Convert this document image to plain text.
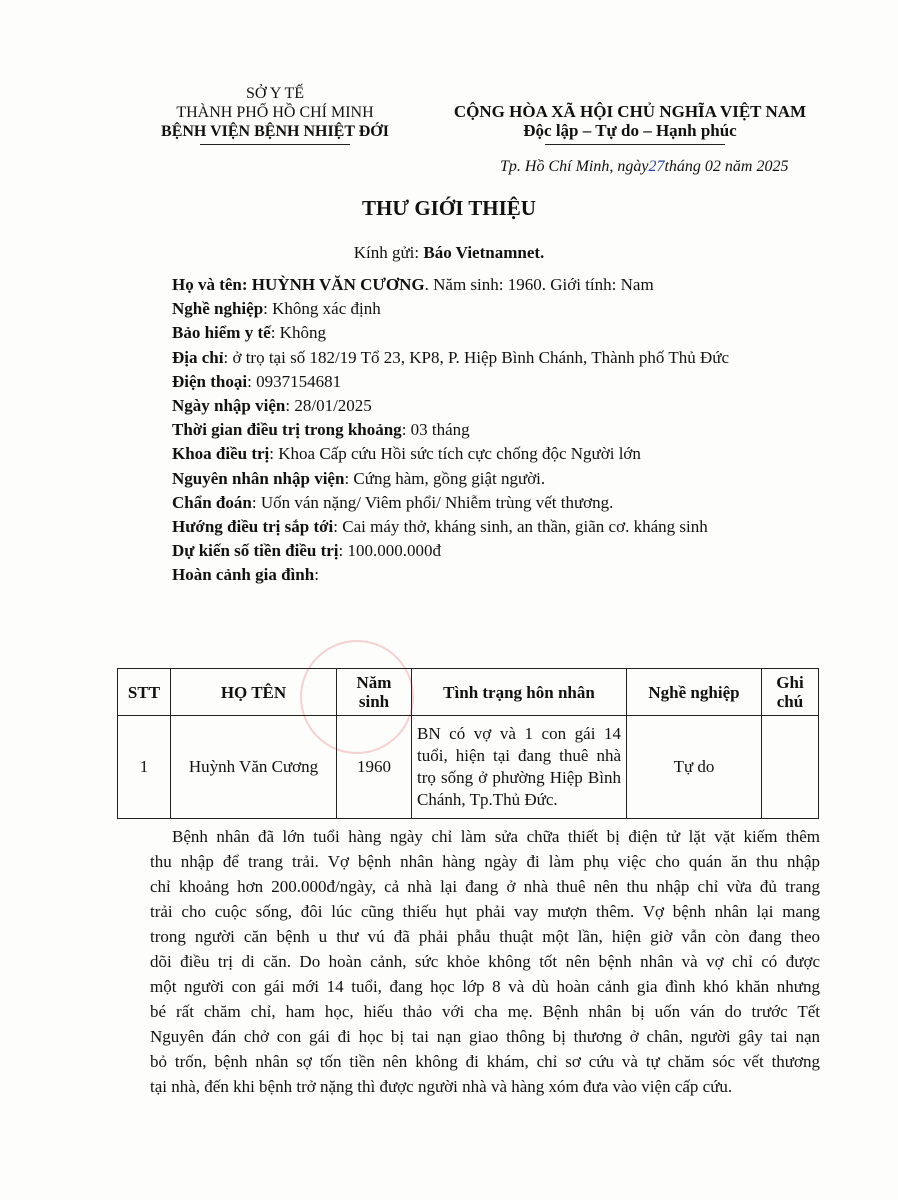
SỞ Y TẾ
THÀNH PHỐ HỒ CHÍ MINH
BỆNH VIỆN BỆNH NHIỆT ĐỚI
CỘNG HÒA XÃ HỘI CHỦ NGHĨA VIỆT NAM
Độc lập – Tự do – Hạnh phúc
Tp. Hồ Chí Minh, ngày27tháng 02 năm 2025
THƯ GIỚI THIỆU
Kính gửi: Báo Vietnamnet.
Họ và tên: HUỲNH VĂN CƯƠNG. Năm sinh: 1960. Giới tính: Nam
Nghề nghiệp: Không xác định
Bảo hiểm y tế: Không
Địa chỉ: ở trọ tại số 182/19 Tổ 23, KP8, P. Hiệp Bình Chánh, Thành phố Thủ Đức
Điện thoại: 0937154681
Ngày nhập viện: 28/01/2025
Thời gian điều trị trong khoảng: 03 tháng
Khoa điều trị: Khoa Cấp cứu Hồi sức tích cực chống độc Người lớn
Nguyên nhân nhập viện: Cứng hàm, gồng giật người.
Chẩn đoán: Uốn ván nặng/ Viêm phổi/ Nhiễm trùng vết thương.
Hướng điều trị sắp tới: Cai máy thở, kháng sinh, an thần, giãn cơ. kháng sinh
Dự kiến số tiền điều trị: 100.000.000đ
Hoàn cảnh gia đình:
STT	HỌ TÊN	Năm sinh	Tình trạng hôn nhân	Nghề nghiệp	Ghi chú
1	Huỳnh Văn Cương	1960	BN có vợ và 1 con gái 14 tuổi, hiện tại đang thuê nhà trọ sống ở phường Hiệp Bình Chánh, Tp.Thủ Đức.	Tự do	
Bệnh nhân đã lớn tuổi hàng ngày chỉ làm sửa chữa thiết bị điện tử lặt vặt kiếm thêm
thu nhập để trang trải. Vợ bệnh nhân hàng ngày đi làm phụ việc cho quán ăn thu nhập
chỉ khoảng hơn 200.000đ/ngày, cả nhà lại đang ở nhà thuê nên thu nhập chỉ vừa đủ trang
trải cho cuộc sống, đôi lúc cũng thiếu hụt phải vay mượn thêm. Vợ bệnh nhân lại mang
trong người căn bệnh u thư vú đã phải phẫu thuật một lần, hiện giờ vẫn còn đang theo
dõi điều trị di căn. Do hoàn cảnh, sức khỏe không tốt nên bệnh nhân và vợ chỉ có được
một người con gái mới 14 tuổi, đang học lớp 8 và dù hoàn cảnh gia đình khó khăn nhưng
bé rất chăm chỉ, ham học, hiếu thảo với cha mẹ. Bệnh nhân bị uốn ván do trước Tết
Nguyên đán chở con gái đi học bị tai nạn giao thông bị thương ở chân, người gây tai nạn
bỏ trốn, bệnh nhân sợ tốn tiền nên không đi khám, chỉ sơ cứu và tự chăm sóc vết thương
tại nhà, đến khi bệnh trở nặng thì được người nhà và hàng xóm đưa vào viện cấp cứu.
